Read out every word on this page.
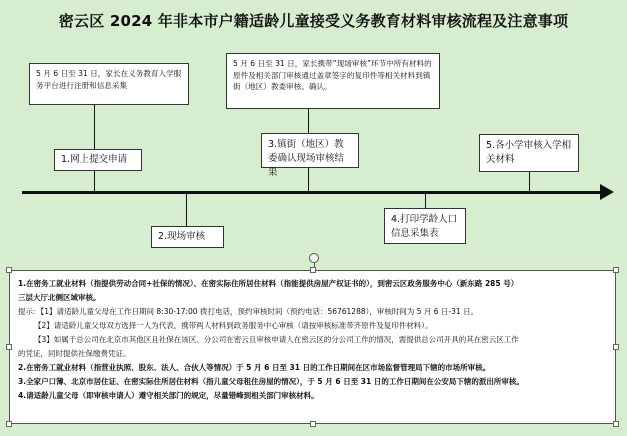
密云区 2024 年非本市户籍适龄儿童接受义务教育材料审核流程及注意事项
5 月 6 日至 31 日，家长在义务教育入学服务平台进行注册和信息采集
5 月 6 日至 31 日，家长携带“现场审核”环节中所有材料的原件及相关部门审核通过盖章签字的复印件等相关材料到镇街（地区）教委审核、确认。
1.网上提交申请
2.现场审核
3.镇街（地区）教委确认现场审核结果
4.打印学龄人口信息采集表
5.各小学审核入学相关材料

1.在密务工就业材料（指提供劳动合同+社保的情况）、在密实际住所居住材料（指能提供房屋产权证书的），到密云区政务服务中心（新东路 285 号）

三层大厅北侧区域审核。

提示：【1】请适龄儿童父母在工作日期间 8:30-17:00 拨打电话，预约审核时间（预约电话：56761288），审核时间为 5 月 6 日-31 日。

【2】请适龄儿童父母双方选择一人为代表，携带两人材料到政务服务中心审核（请按审核标准带齐原件及复印件材料）。

【3】如属于总公司在北京市其他区且社保在该区、分公司在密云且审核申请人在密云区的分公司工作的情况，需提供总公司开具的其在密云区工作

的凭证，同时提供社保缴费凭证。

2.在密务工就业材料（指营业执照、股东、法人、合伙人等情况）于 5 月 6 日至 31 日的工作日期间在区市场监督管理局下辖的市场所审核。

3.全家户口簿、北京市居住证、在密实际住所居住材料（指儿童父母租住房屋的情况），于 5 月 6 日至 31 日的工作日期间在公安局下辖的派出所审核。

4.请适龄儿童父母（即审核申请人）遵守相关部门的规定，尽量错峰到相关部门审核材料。
